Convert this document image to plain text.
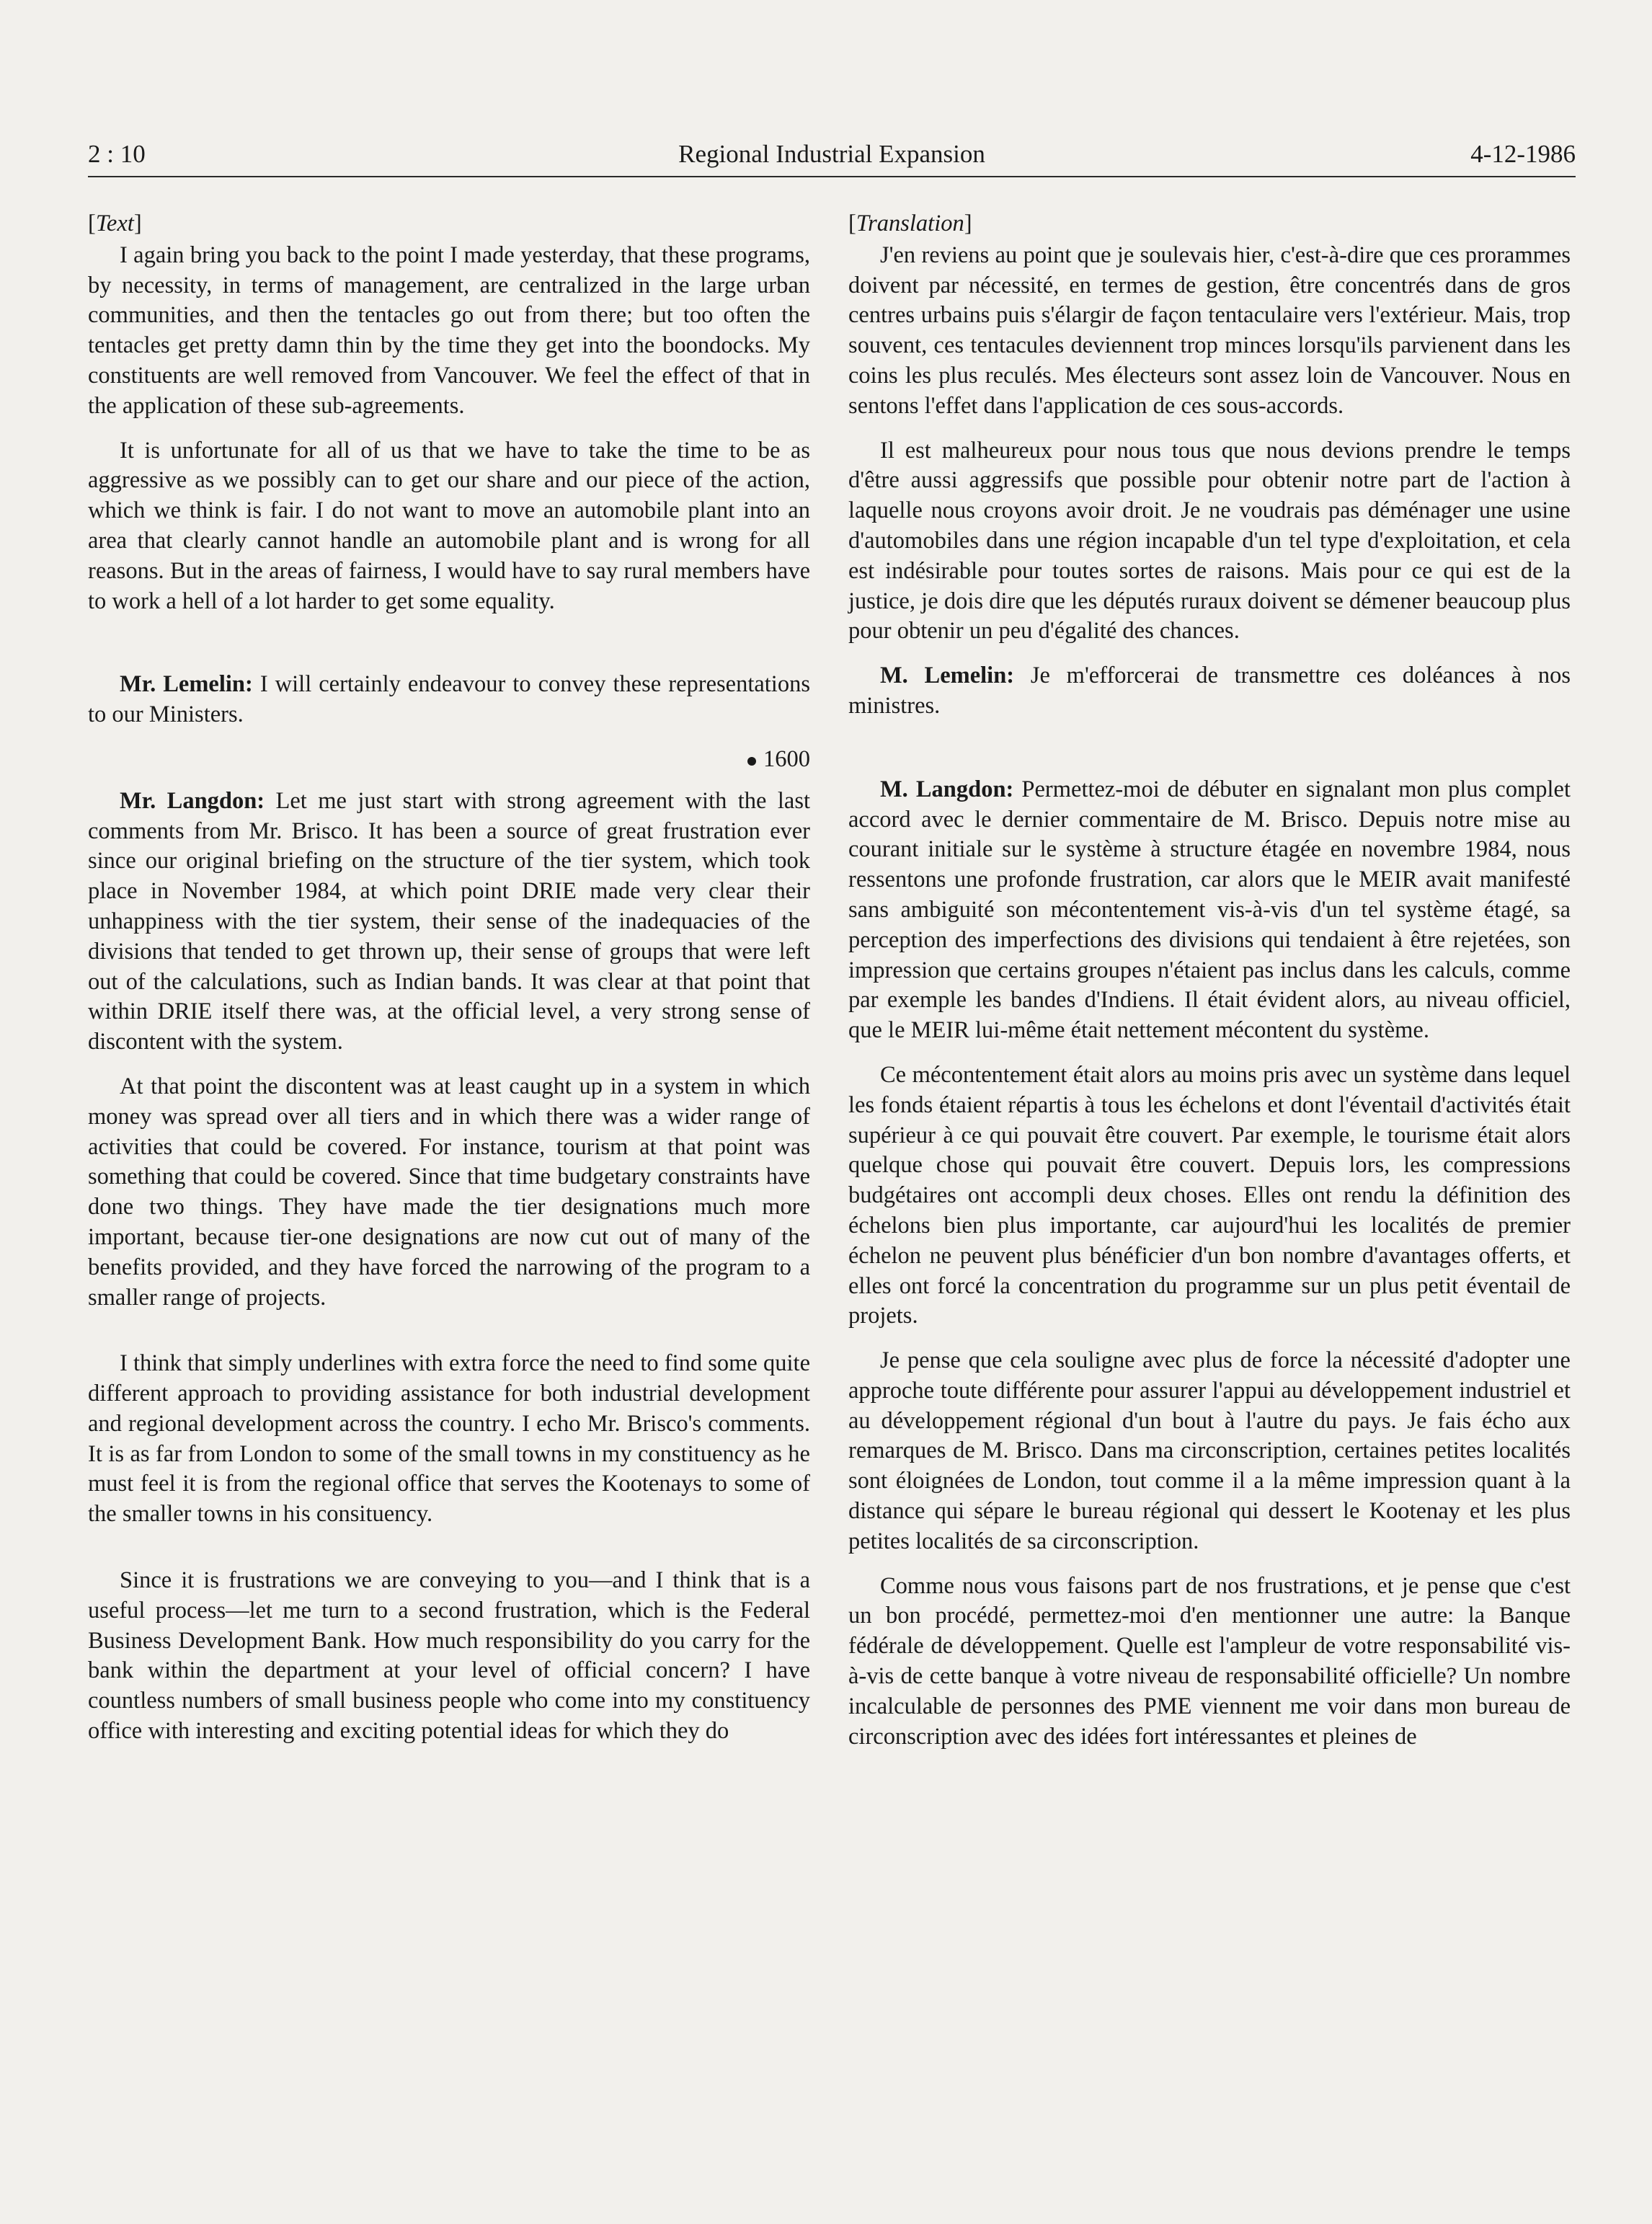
2 : 10	Regional Industrial Expansion	4-12-1986
[Text]

I again bring you back to the point I made yesterday, that these programs, by necessity, in terms of management, are centralized in the large urban communities, and then the tentacles go out from there; but too often the tentacles get pretty damn thin by the time they get into the boondocks. My constituents are well removed from Vancouver. We feel the effect of that in the application of these sub-agreements.

It is unfortunate for all of us that we have to take the time to be as aggressive as we possibly can to get our share and our piece of the action, which we think is fair. I do not want to move an automobile plant into an area that clearly cannot handle an automobile plant and is wrong for all reasons. But in the areas of fairness, I would have to say rural members have to work a hell of a lot harder to get some equality.

Mr. Lemelin: I will certainly endeavour to convey these representations to our Ministers.

1600

Mr. Langdon: Let me just start with strong agreement with the last comments from Mr. Brisco. It has been a source of great frustration ever since our original briefing on the structure of the tier system, which took place in November 1984, at which point DRIE made very clear their unhappiness with the tier system, their sense of the inadequacies of the divisions that tended to get thrown up, their sense of groups that were left out of the calculations, such as Indian bands. It was clear at that point that within DRIE itself there was, at the official level, a very strong sense of discontent with the system.

At that point the discontent was at least caught up in a system in which money was spread over all tiers and in which there was a wider range of activities that could be covered. For instance, tourism at that point was something that could be covered. Since that time budgetary constraints have done two things. They have made the tier designations much more important, because tier-one designations are now cut out of many of the benefits provided, and they have forced the narrowing of the program to a smaller range of projects.

I think that simply underlines with extra force the need to find some quite different approach to providing assistance for both industrial development and regional development across the country. I echo Mr. Brisco's comments. It is as far from London to some of the small towns in my constituency as he must feel it is from the regional office that serves the Kootenays to some of the smaller towns in his consituency.

Since it is frustrations we are conveying to you—and I think that is a useful process—let me turn to a second frustration, which is the Federal Business Development Bank. How much responsibility do you carry for the bank within the department at your level of official concern? I have countless numbers of small business people who come into my constituency office with interesting and exciting potential ideas for which they do

[Translation]

J'en reviens au point que je soulevais hier, c'est-à-dire que ces prorammes doivent par nécessité, en termes de gestion, être concentrés dans de gros centres urbains puis s'élargir de façon tentaculaire vers l'extérieur. Mais, trop souvent, ces tentacules deviennent trop minces lorsqu'ils parvienent dans les coins les plus reculés. Mes électeurs sont assez loin de Vancouver. Nous en sentons l'effet dans l'application de ces sous-accords.

Il est malheureux pour nous tous que nous devions prendre le temps d'être aussi aggressifs que possible pour obtenir notre part de l'action à laquelle nous croyons avoir droit. Je ne voudrais pas déménager une usine d'automobiles dans une région incapable d'un tel type d'exploitation, et cela est indésirable pour toutes sortes de raisons. Mais pour ce qui est de la justice, je dois dire que les députés ruraux doivent se démener beaucoup plus pour obtenir un peu d'égalité des chances.

M. Lemelin: Je m'efforcerai de transmettre ces doléances à nos ministres.

M. Langdon: Permettez-moi de débuter en signalant mon plus complet accord avec le dernier commentaire de M. Brisco. Depuis notre mise au courant initiale sur le système à structure étagée en novembre 1984, nous ressentons une profonde frustration, car alors que le MEIR avait manifesté sans ambiguité son mécontentement vis-à-vis d'un tel système étagé, sa perception des imperfections des divisions qui tendaient à être rejetées, son impression que certains groupes n'étaient pas inclus dans les calculs, comme par exemple les bandes d'Indiens. Il était évident alors, au niveau officiel, que le MEIR lui-même était nettement mécontent du système.

Ce mécontentement était alors au moins pris avec un système dans lequel les fonds étaient répartis à tous les échelons et dont l'éventail d'activités était supérieur à ce qui pouvait être couvert. Par exemple, le tourisme était alors quelque chose qui pouvait être couvert. Depuis lors, les compressions budgétaires ont accompli deux choses. Elles ont rendu la définition des échelons bien plus importante, car aujourd'hui les localités de premier échelon ne peuvent plus bénéficier d'un bon nombre d'avantages offerts, et elles ont forcé la concentration du programme sur un plus petit éventail de projets.

Je pense que cela souligne avec plus de force la nécessité d'adopter une approche toute différente pour assurer l'appui au développement industriel et au développement régional d'un bout à l'autre du pays. Je fais écho aux remarques de M. Brisco. Dans ma circonscription, certaines petites localités sont éloignées de London, tout comme il a la même impression quant à la distance qui sépare le bureau régional qui dessert le Kootenay et les plus petites localités de sa circonscription.

Comme nous vous faisons part de nos frustrations, et je pense que c'est un bon procédé, permettez-moi d'en mentionner une autre: la Banque fédérale de développement. Quelle est l'ampleur de votre responsabilité vis-à-vis de cette banque à votre niveau de responsabilité officielle? Un nombre incalculable de personnes des PME viennent me voir dans mon bureau de circonscription avec des idées fort intéressantes et pleines de
